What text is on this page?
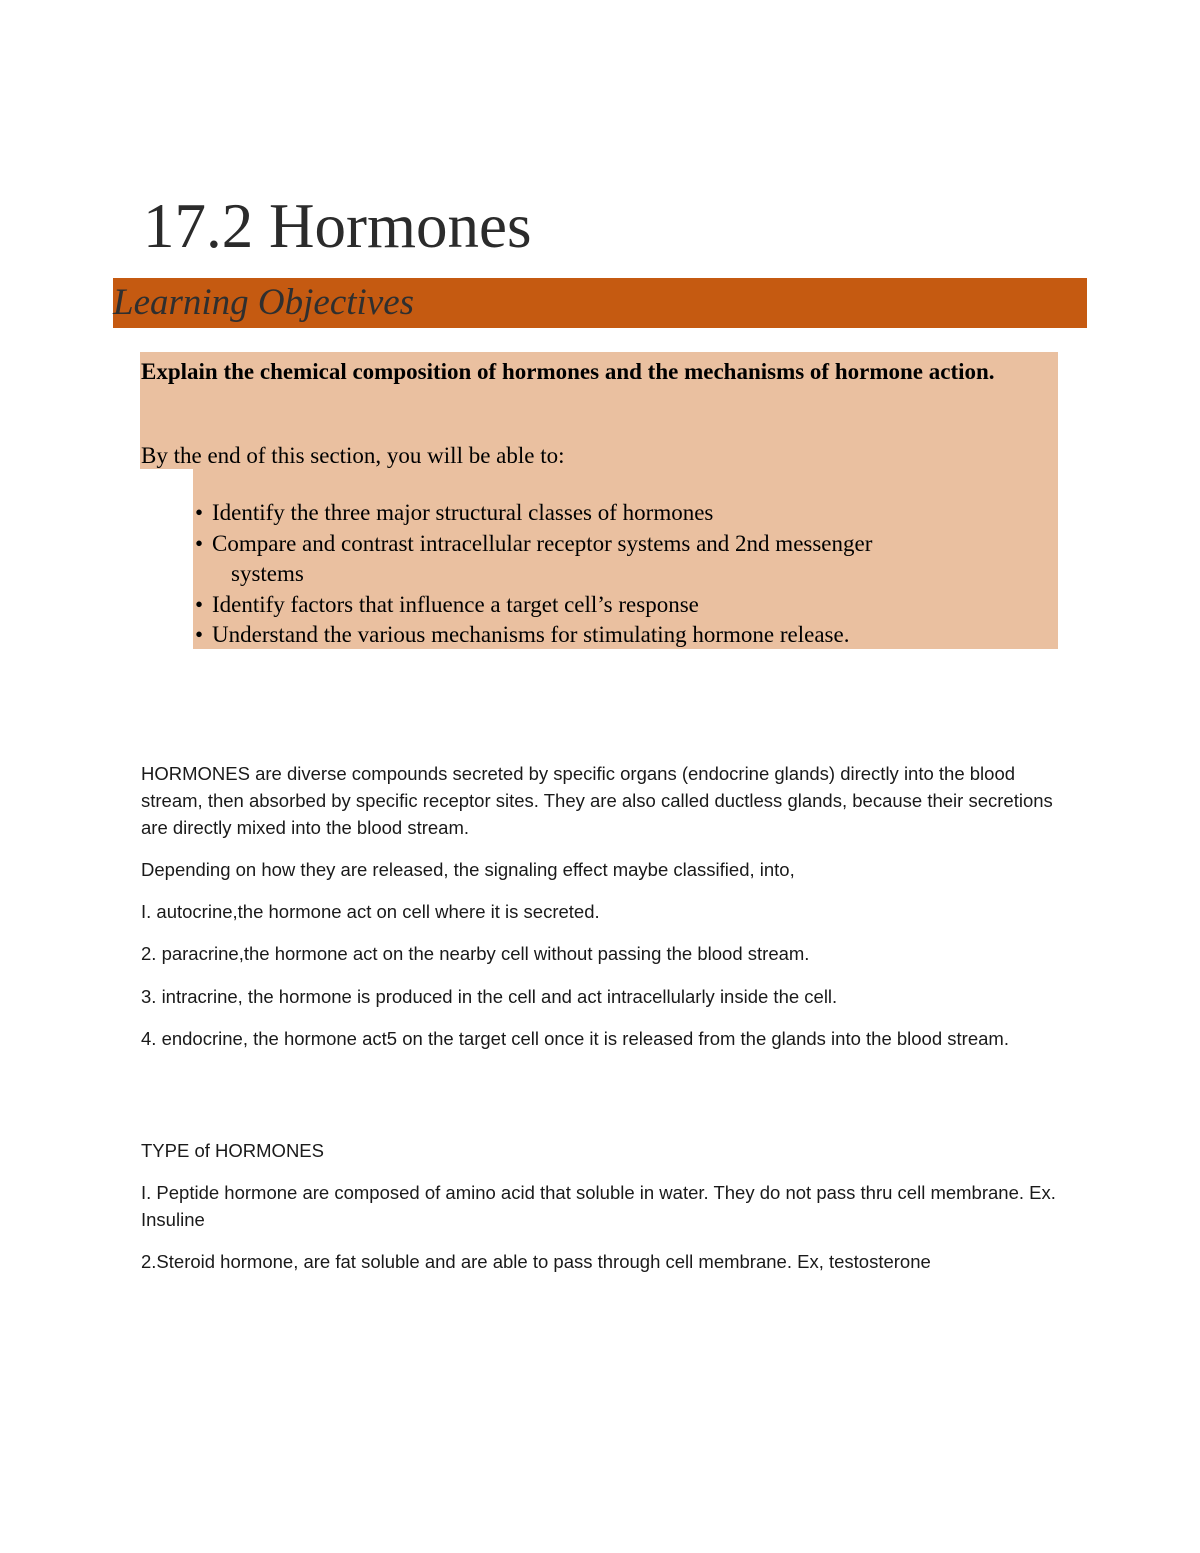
17.2 Hormones
Learning Objectives

Explain the chemical composition of hormones and the mechanisms of hormone action.

By the end of this section, you will be able to:

• Identify the three major structural classes of hormones
• Compare and contrast intracellular receptor systems and 2nd messenger
systems
• Identify factors that influence a target cell’s response
• Understand the various mechanisms for stimulating hormone release.

HORMONES are diverse compounds secreted by specific organs (endocrine glands) directly into the blood stream, then absorbed by specific receptor sites. They are also called ductless glands, because their secretions are directly mixed into the blood stream.

Depending on how they are released, the signaling effect maybe classified, into,

I. autocrine,the hormone act on cell where it is secreted.

2. paracrine,the hormone act on the nearby cell without passing the blood stream.

3. intracrine, the hormone is produced in the cell and act intracellularly inside the cell.

4. endocrine, the hormone act5 on the target cell once it is released from the glands into the blood stream.

TYPE of HORMONES

I. Peptide hormone are composed of amino acid that soluble in water. They do not pass thru cell membrane. Ex. Insuline

2.Steroid hormone, are fat soluble and are able to pass through cell membrane. Ex, testosterone
